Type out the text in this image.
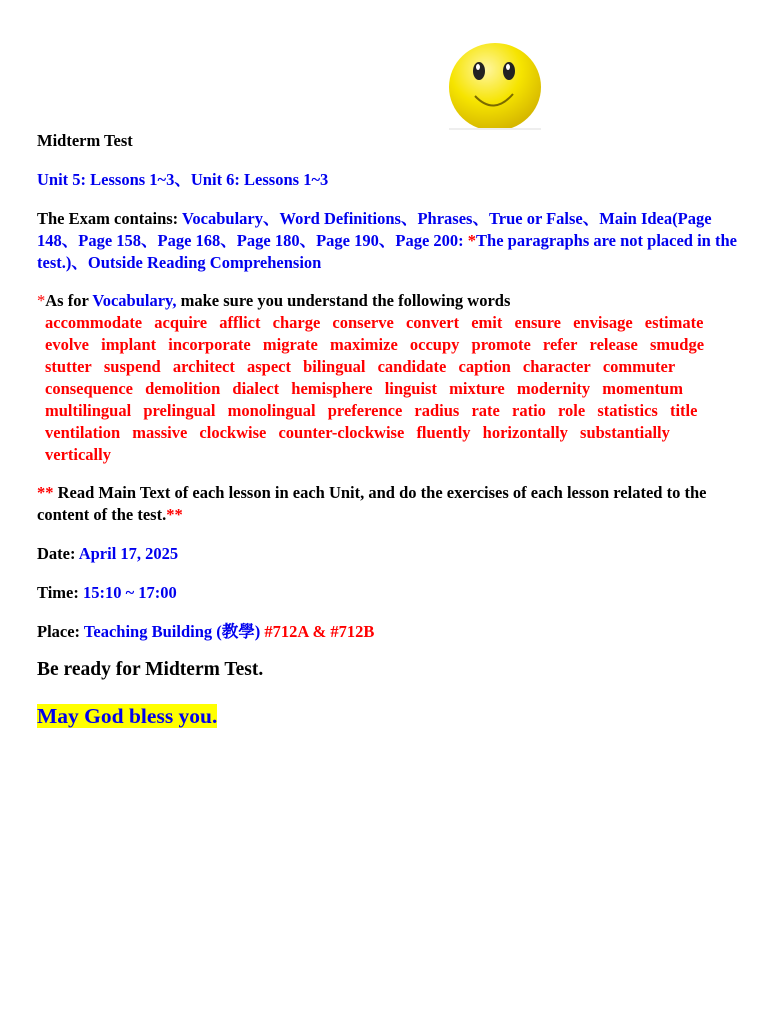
Midterm Test

Unit 5: Lessons 1~3、Unit 6: Lessons 1~3

The Exam contains: Vocabulary、Word Definitions、Phrases、True or False、Main Idea(Page 148、Page 158、Page 168、Page 180、Page 190、Page 200: *The paragraphs are not placed in the test.)、Outside Reading Comprehension

*As for Vocabulary, make sure you understand the following words

accommodate acquire afflict charge conserve convert emit ensure envisage estimate evolve implant incorporate migrate maximize occupy promote refer release smudge stutter suspend architect aspect bilingual candidate caption character commuter consequence demolition dialect hemisphere linguist mixture modernity momentum multilingual prelingual monolingual preference radius rate ratio role statistics title ventilation massive clockwise counter-clockwise fluently horizontally substantially vertically

** Read Main Text of each lesson in each Unit, and do the exercises of each lesson related to the content of the test.**

Date: April 17, 2025

Time: 15:10 ~ 17:00

Place: Teaching Building (教學) #712A & #712B

Be ready for Midterm Test.

May God bless you.
